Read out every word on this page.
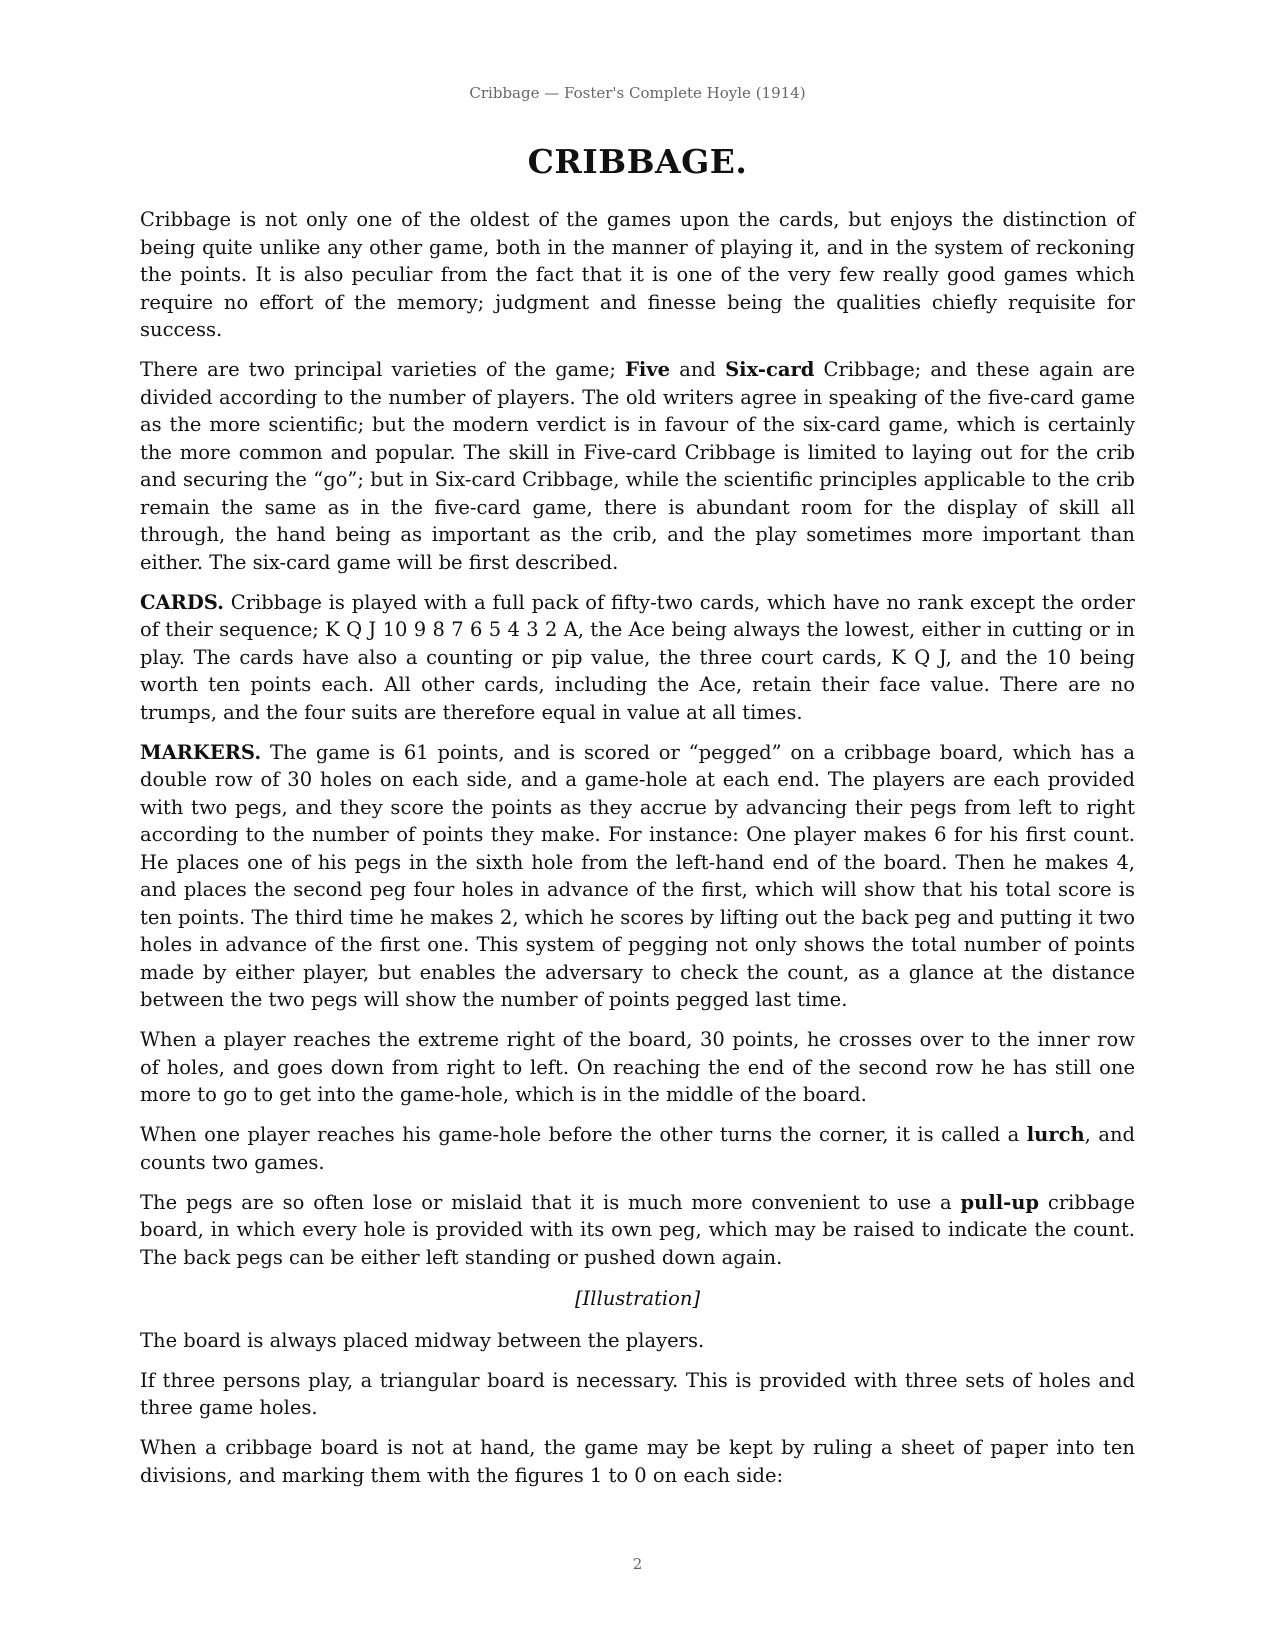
Cribbage — Foster's Complete Hoyle (1914)
CRIBBAGE.

Cribbage is not only one of the oldest of the games upon the cards, but enjoys the distinction of being quite unlike any other game, both in the manner of playing it, and in the system of reckoning the points. It is also peculiar from the fact that it is one of the very few really good games which require no effort of the memory; judgment and finesse being the qualities chiefly requisite for success.

There are two principal varieties of the game; Five and Six-card Cribbage; and these again are divided according to the number of players. The old writers agree in speaking of the five-card game as the more scientific; but the modern verdict is in favour of the six-card game, which is certainly the more common and popular. The skill in Five-card Cribbage is limited to laying out for the crib and securing the “go”; but in Six-card Cribbage, while the scientific principles applicable to the crib remain the same as in the five-card game, there is abundant room for the display of skill all through, the hand being as important as the crib, and the play sometimes more important than either. The six-card game will be first described.

CARDS. Cribbage is played with a full pack of fifty-two cards, which have no rank except the order of their sequence; K Q J 10 9 8 7 6 5 4 3 2 A, the Ace being always the lowest, either in cutting or in play. The cards have also a counting or pip value, the three court cards, K Q J, and the 10 being worth ten points each. All other cards, including the Ace, retain their face value. There are no trumps, and the four suits are therefore equal in value at all times.

MARKERS. The game is 61 points, and is scored or “pegged” on a cribbage board, which has a double row of 30 holes on each side, and a game-hole at each end. The players are each provided with two pegs, and they score the points as they accrue by advancing their pegs from left to right according to the number of points they make. For instance: One player makes 6 for his first count. He places one of his pegs in the sixth hole from the left-hand end of the board. Then he makes 4, and places the second peg four holes in advance of the first, which will show that his total score is ten points. The third time he makes 2, which he scores by lifting out the back peg and putting it two holes in advance of the first one. This system of pegging not only shows the total number of points made by either player, but enables the adversary to check the count, as a glance at the distance between the two pegs will show the number of points pegged last time.

When a player reaches the extreme right of the board, 30 points, he crosses over to the inner row of holes, and goes down from right to left. On reaching the end of the second row he has still one more to go to get into the game-hole, which is in the middle of the board.

When one player reaches his game-hole before the other turns the corner, it is called a lurch, and counts two games.

The pegs are so often lose or mislaid that it is much more convenient to use a pull-up cribbage board, in which every hole is provided with its own peg, which may be raised to indicate the count. The back pegs can be either left standing or pushed down again.

[Illustration]

The board is always placed midway between the players.

If three persons play, a triangular board is necessary. This is provided with three sets of holes and three game holes.

When a cribbage board is not at hand, the game may be kept by ruling a sheet of paper into ten divisions, and marking them with the figures 1 to 0 on each side:

2
